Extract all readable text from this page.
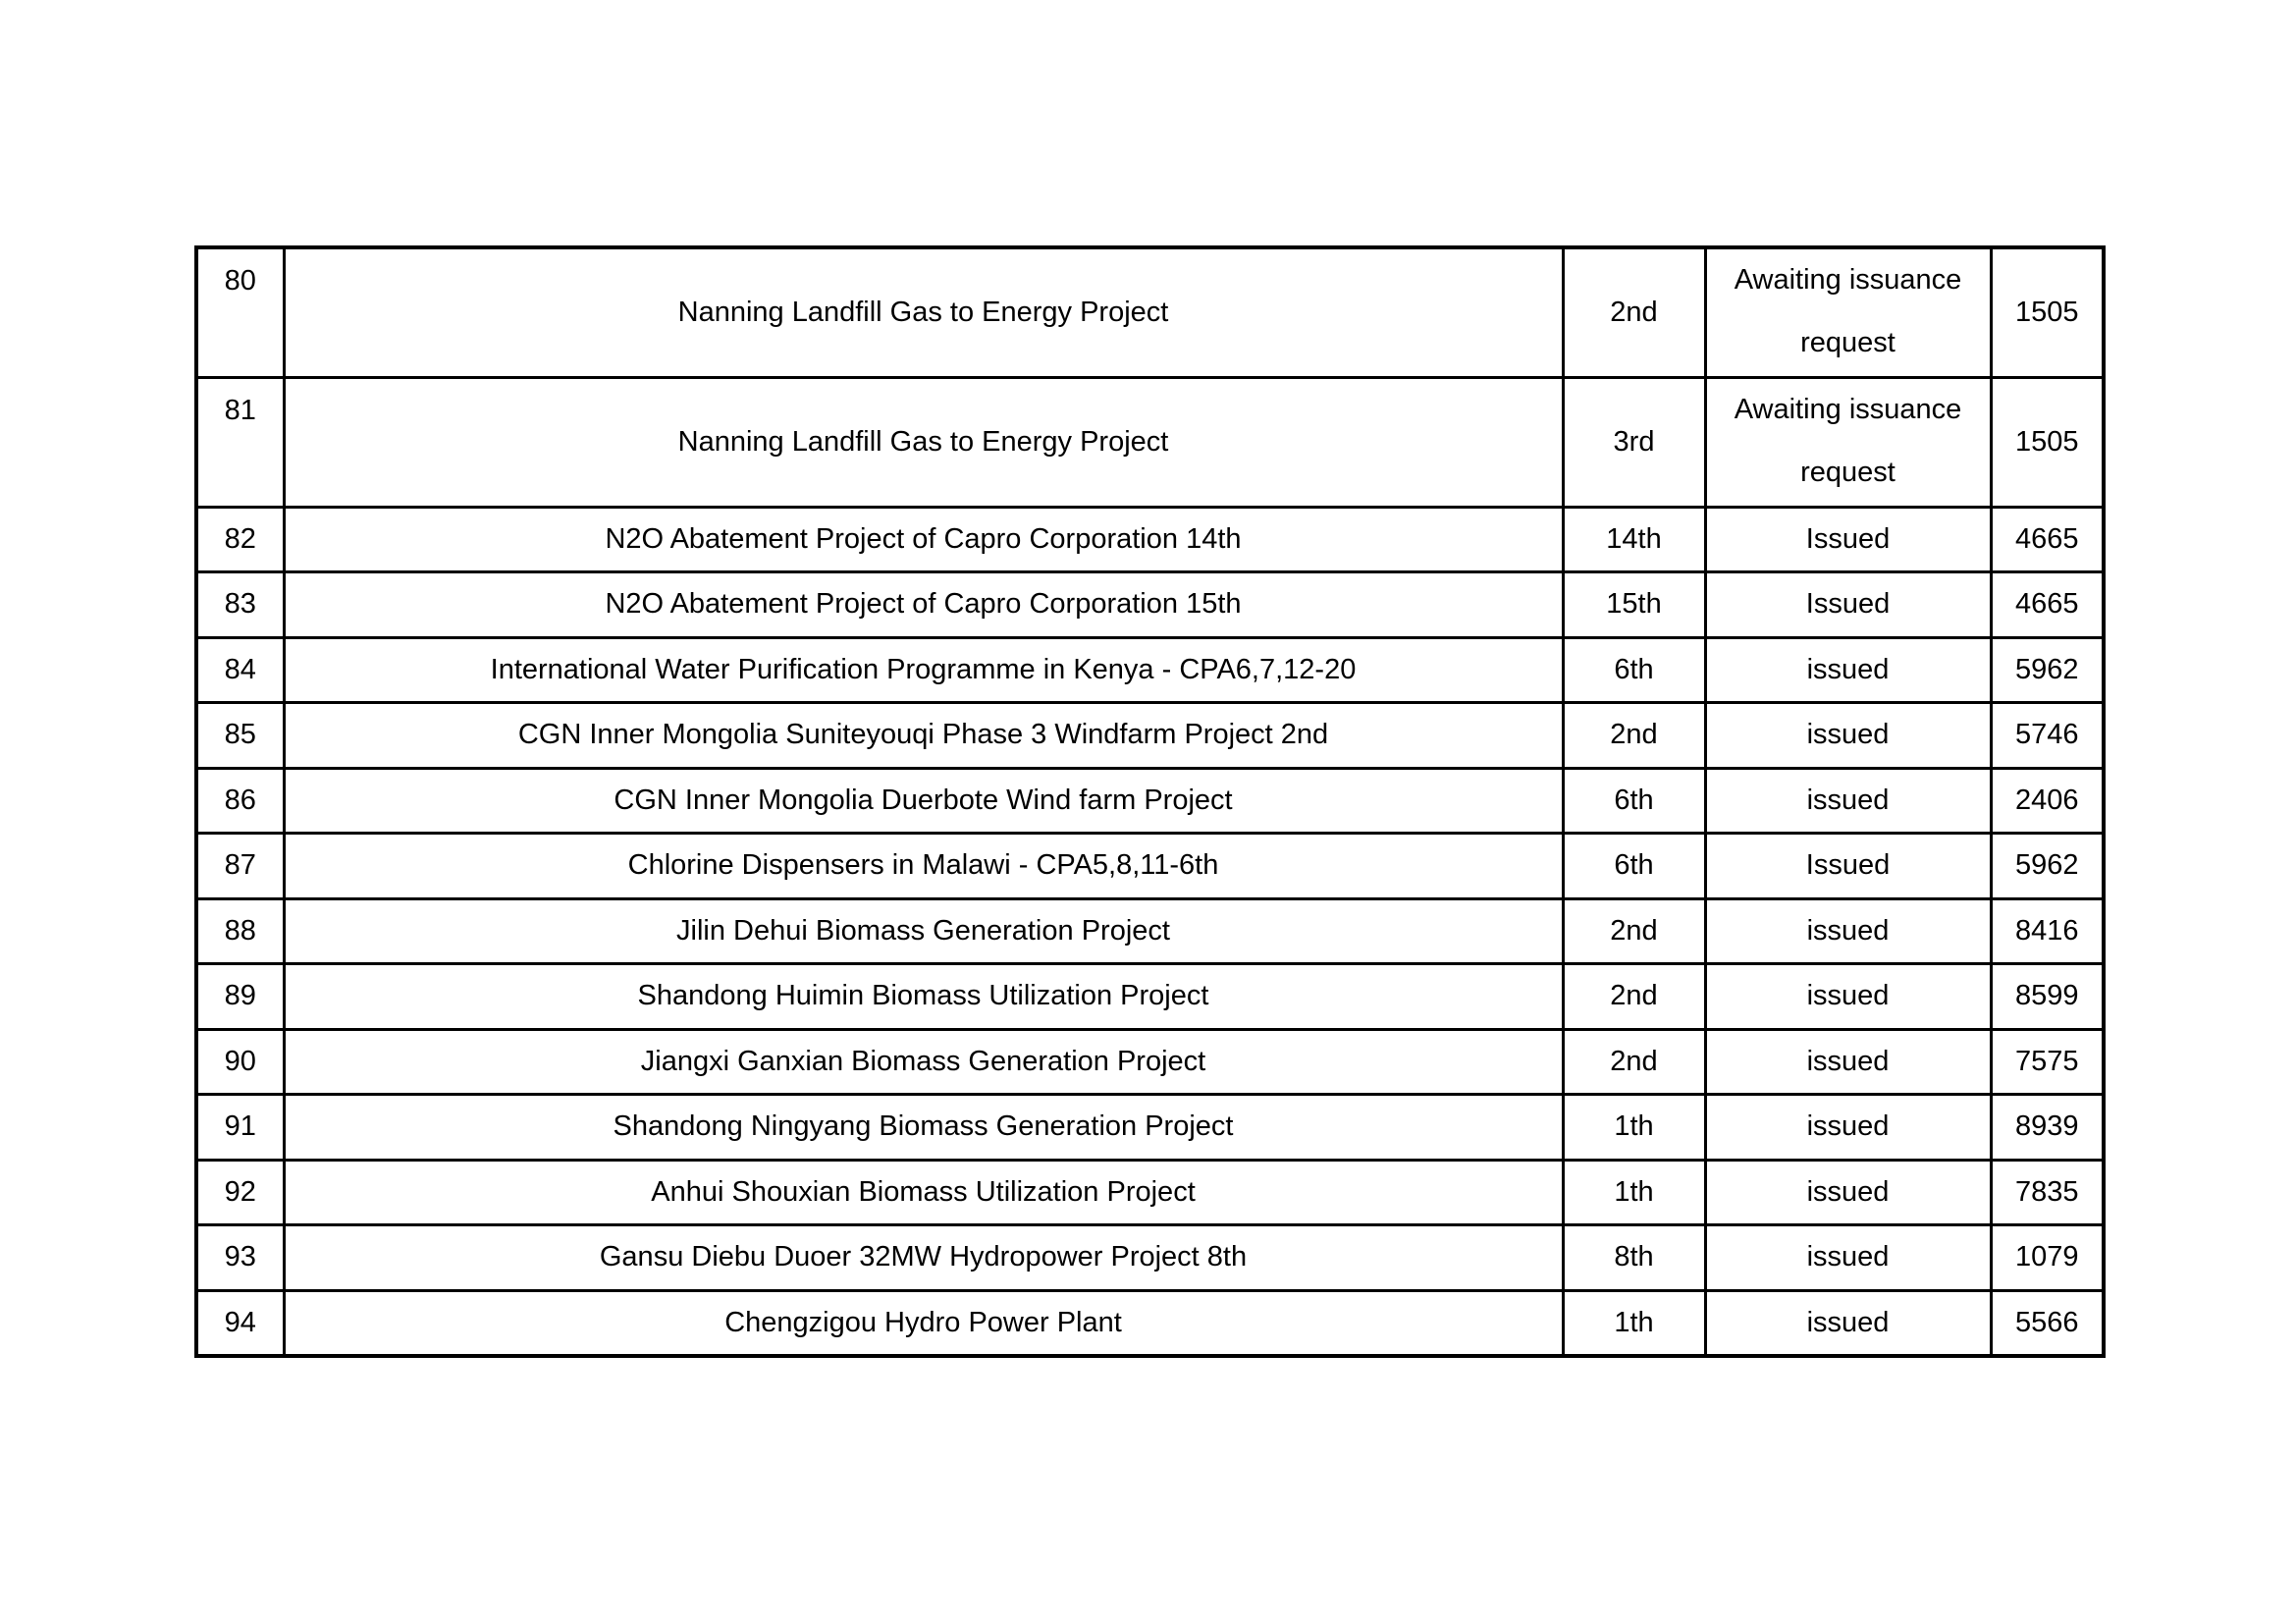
80	Nanning Landfill Gas to Energy Project	2nd	Awaiting issuance request	1505
81	Nanning Landfill Gas to Energy Project	3rd	Awaiting issuance request	1505
82	N2O Abatement Project of Capro Corporation 14th	14th	Issued	4665
83	N2O Abatement Project of Capro Corporation 15th	15th	Issued	4665
84	International Water Purification Programme in Kenya - CPA6,7,12-20	6th	issued	5962
85	CGN Inner Mongolia Suniteyouqi Phase 3 Windfarm Project 2nd	2nd	issued	5746
86	CGN Inner Mongolia Duerbote Wind farm Project	6th	issued	2406
87	Chlorine Dispensers in Malawi - CPA5,8,11-6th	6th	Issued	5962
88	Jilin Dehui Biomass Generation Project	2nd	issued	8416
89	Shandong Huimin Biomass Utilization Project	2nd	issued	8599
90	Jiangxi Ganxian Biomass Generation Project	2nd	issued	7575
91	Shandong Ningyang Biomass Generation Project	1th	issued	8939
92	Anhui Shouxian Biomass Utilization Project	1th	issued	7835
93	Gansu Diebu Duoer 32MW Hydropower Project 8th	8th	issued	1079
94	Chengzigou Hydro Power Plant	1th	issued	5566
